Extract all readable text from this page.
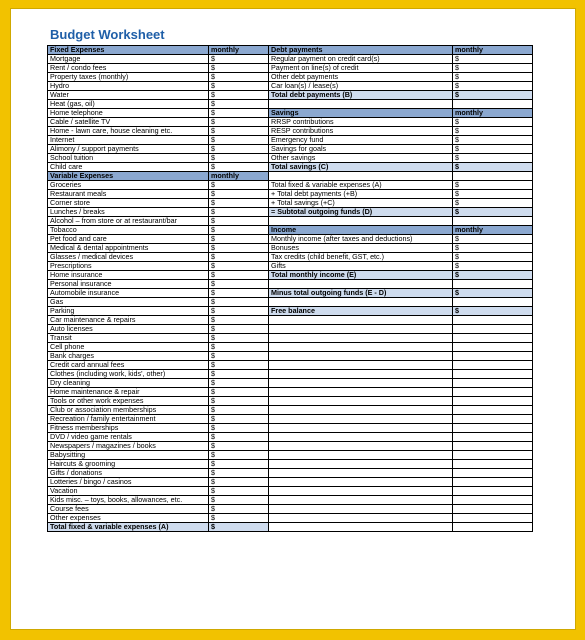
Budget Worksheet
Fixed Expenses	monthly	Debt payments	monthly
Mortgage	$	Regular payment on credit card(s)	$
Rent / condo fees	$	Payment on line(s) of credit	$
Property taxes (monthly)	$	Other debt payments	$
Hydro	$	Car loan(s) / lease(s)	$
Water	$	Total debt payments (B)	$
Heat (gas, oil)	$		
Home telephone	$	Savings	monthly
Cable / satellite TV	$	RRSP contributions	$
Home - lawn care, house cleaning etc.	$	RESP contributions	$
Internet	$	Emergency fund	$
Alimony / support payments	$	Savings for goals	$
School tuition	$	Other savings	$
Child care	$	Total savings (C)	$
Variable Expenses	monthly		
Groceries	$	Total fixed & variable expenses (A)	$
Restaurant meals	$	+ Total debt payments (+B)	$
Corner store	$	+ Total savings (+C)	$
Lunches / breaks	$	= Subtotal outgoing funds (D)	$
Alcohol – from store or at restaurant/bar	$		
Tobacco	$	Income	monthly
Pet food and care	$	Monthly income (after taxes and deductions)	$
Medical & dental appointments	$	Bonuses	$
Glasses / medical devices	$	Tax credits (child benefit, GST, etc.)	$
Prescriptions	$	Gifts	$
Home insurance	$	Total monthly income (E)	$
Personal insurance	$		
Automobile insurance	$	Minus total outgoing funds (E - D)	$
Gas	$		
Parking	$	Free balance	$
Car maintenance & repairs	$		
Auto licenses	$		
Transit	$		
Cell phone	$		
Bank charges	$		
Credit card annual fees	$		
Clothes (including work, kids', other)	$		
Dry cleaning	$		
Home maintenance & repair	$		
Tools or other work expenses	$		
Club or association memberships	$		
Recreation / family entertainment	$		
Fitness memberships	$		
DVD / video game rentals	$		
Newspapers / magazines / books	$		
Babysitting	$		
Haircuts & grooming	$		
Gifts / donations	$		
Lotteries / bingo / casinos	$		
Vacation	$		
Kids misc. – toys, books, allowances, etc.	$		
Course fees	$		
Other expenses	$		
Total fixed & variable expenses (A)	$		
